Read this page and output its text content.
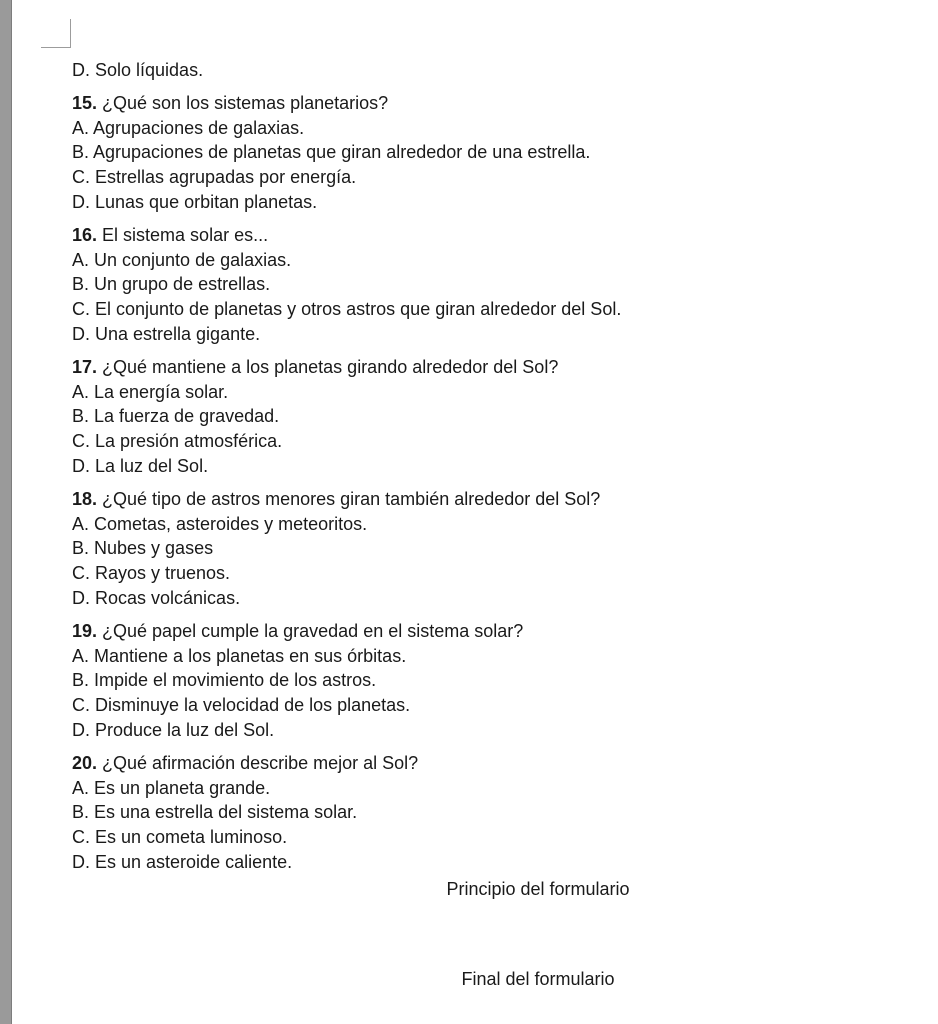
D. Solo líquidas.
15. ¿Qué son los sistemas planetarios?
A. Agrupaciones de galaxias.
B. Agrupaciones de planetas que giran alrededor de una estrella.
C. Estrellas agrupadas por energía.
D. Lunas que orbitan planetas.
16. El sistema solar es...
A. Un conjunto de galaxias.
B. Un grupo de estrellas.
C. El conjunto de planetas y otros astros que giran alrededor del Sol.
D. Una estrella gigante.
17. ¿Qué mantiene a los planetas girando alrededor del Sol?
A. La energía solar.
B. La fuerza de gravedad.
C. La presión atmosférica.
D. La luz del Sol.
18. ¿Qué tipo de astros menores giran también alrededor del Sol?
A. Cometas, asteroides y meteoritos.
B. Nubes y gases
C. Rayos y truenos.
D. Rocas volcánicas.
19. ¿Qué papel cumple la gravedad en el sistema solar?
A. Mantiene a los planetas en sus órbitas.
B. Impide el movimiento de los astros.
C. Disminuye la velocidad de los planetas.
D. Produce la luz del Sol.
20. ¿Qué afirmación describe mejor al Sol?
A. Es un planeta grande.
B. Es una estrella del sistema solar.
C. Es un cometa luminoso.
D. Es un asteroide caliente.
Principio del formulario
Final del formulario
